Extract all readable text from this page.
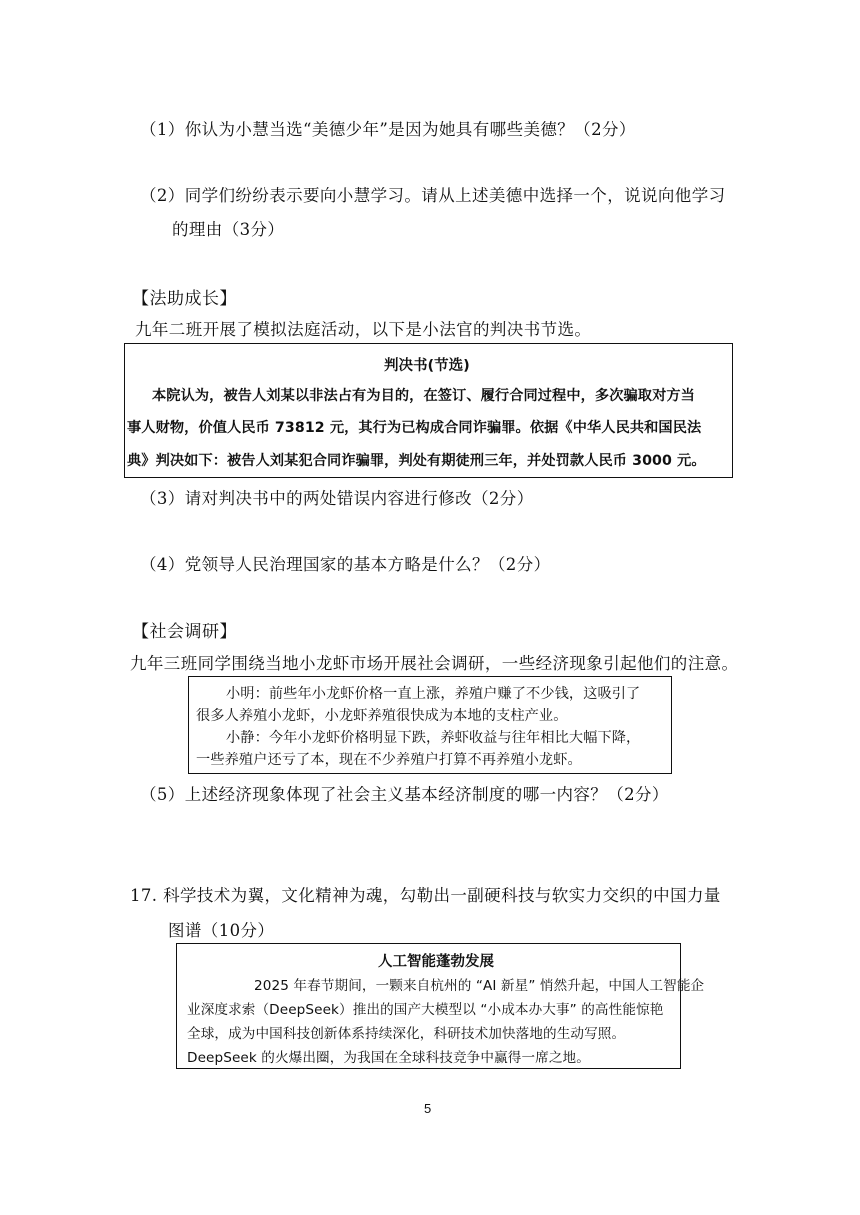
（1）你认为小慧当选“美德少年”是因为她具有哪些美德？（2分）
（2）同学们纷纷表示要向小慧学习。请从上述美德中选择一个，说说向他学习
的理由（3分）
【法助成长】
九年二班开展了模拟法庭活动，以下是小法官的判决书节选。
判决书(节选)
本院认为，被告人刘某以非法占有为目的，在签订、履行合同过程中，多次骗取对方当
事人财物，价值人民币 73812 元，其行为已构成合同诈骗罪。依据《中华人民共和国民法
典》判决如下：被告人刘某犯合同诈骗罪，判处有期徒刑三年，并处罚款人民币 3000 元。
（3）请对判决书中的两处错误内容进行修改（2分）
（4）党领导人民治理国家的基本方略是什么？（2分）
【社会调研】
九年三班同学围绕当地小龙虾市场开展社会调研，一些经济现象引起他们的注意。
小明：前些年小龙虾价格一直上涨，养殖户赚了不少钱，这吸引了
很多人养殖小龙虾，小龙虾养殖很快成为本地的支柱产业。
小静：今年小龙虾价格明显下跌，养虾收益与往年相比大幅下降，
一些养殖户还亏了本，现在不少养殖户打算不再养殖小龙虾。
（5）上述经济现象体现了社会主义基本经济制度的哪一内容？（2分）
17. 科学技术为翼，文化精神为魂，勾勒出一副硬科技与软实力交织的中国力量
图谱（10分）
人工智能蓬勃发展
2025 年春节期间，一颗来自杭州的 “AI 新星” 悄然升起，中国人工智能企
业深度求索（DeepSeek）推出的国产大模型以 “小成本办大事” 的高性能惊艳
全球，成为中国科技创新体系持续深化，科研技术加快落地的生动写照。
DeepSeek 的火爆出圈，为我国在全球科技竞争中赢得一席之地。
5
